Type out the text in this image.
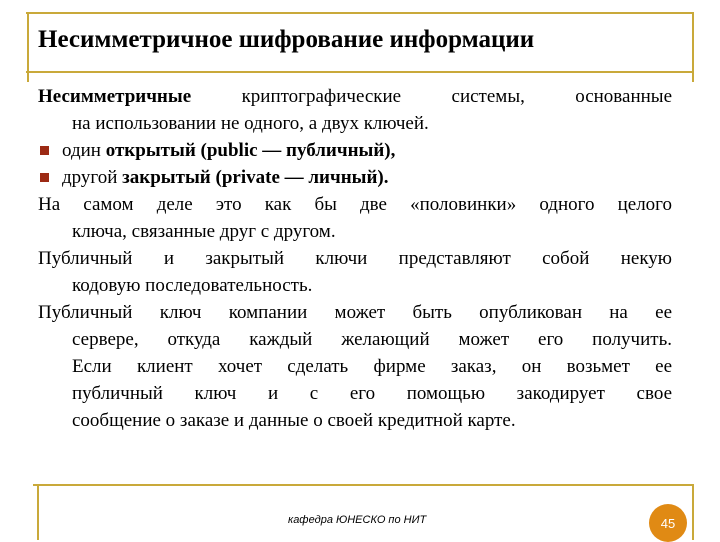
Несимметричное шифрование информации
Несимметричные криптографические системы, основанные
на использовании не одного, а двух ключей.
один открытый (public — публичный),
другой закрытый (private — личный).
На самом деле это как бы две «половинки» одного целого
ключа, связанные друг с другом.
Публичный и закрытый ключи представляют собой некую
кодовую последовательность.
Публичный ключ компании может быть опубликован на ее
сервере, откуда каждый желающий может его получить.
Если клиент хочет сделать фирме заказ, он возьмет ее
публичный ключ и с его помощью закодирует свое
сообщение о заказе и данные о своей кредитной карте.
кафедра ЮНЕСКО по НИТ	45
